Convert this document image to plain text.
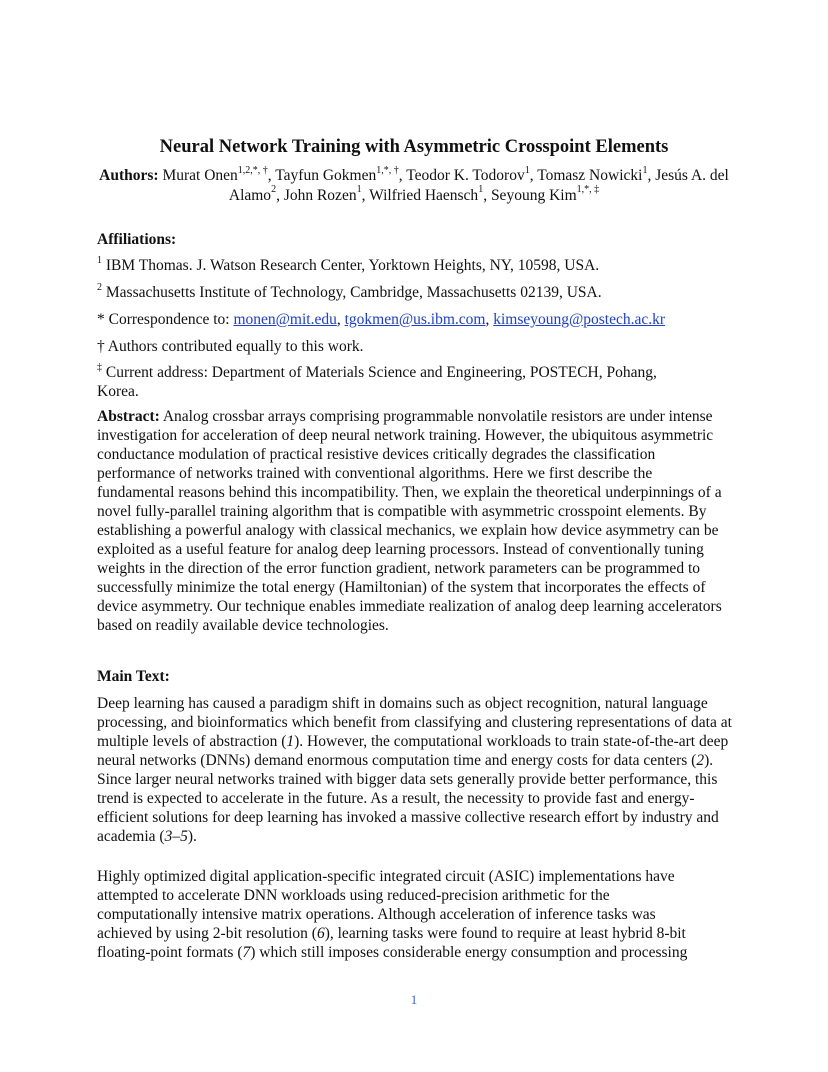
Neural Network Training with Asymmetric Crosspoint Elements
Authors: Murat Onen$^{1,2,*, \dagger}$, Tayfun Gokmen$^{1,*, \dagger}$, Teodor K. Todorov$^1$, Tomasz Nowicki$^1$, Jesús A. del Alamo$^2$, John Rozen$^1$, Wilfried Haensch$^1$, Seyoung Kim$^{1,*, \ddagger}$
Affiliations:
$^1$ IBM Thomas. J. Watson Research Center, Yorktown Heights, NY, 10598, USA.
$^2$ Massachusetts Institute of Technology, Cambridge, Massachusetts 02139, USA.
* Correspondence to: monen@mit.edu, tgokmen@us.ibm.com, kimseyoung@postech.ac.kr
† Authors contributed equally to this work.
‡ Current address: Department of Materials Science and Engineering, POSTECH, Pohang, Korea.
Abstract: Analog crossbar arrays comprising programmable nonvolatile resistors are under intense investigation for acceleration of deep neural network training. However, the ubiquitous asymmetric conductance modulation of practical resistive devices critically degrades the classification performance of networks trained with conventional algorithms. Here we first describe the fundamental reasons behind this incompatibility. Then, we explain the theoretical underpinnings of a novel fully-parallel training algorithm that is compatible with asymmetric crosspoint elements. By establishing a powerful analogy with classical mechanics, we explain how device asymmetry can be exploited as a useful feature for analog deep learning processors. Instead of conventionally tuning weights in the direction of the error function gradient, network parameters can be programmed to successfully minimize the total energy (Hamiltonian) of the system that incorporates the effects of device asymmetry. Our technique enables immediate realization of analog deep learning accelerators based on readily available device technologies.
Main Text:
Deep learning has caused a paradigm shift in domains such as object recognition, natural language processing, and bioinformatics which benefit from classifying and clustering representations of data at multiple levels of abstraction (1). However, the computational workloads to train state-of-the-art deep neural networks (DNNs) demand enormous computation time and energy costs for data centers (2). Since larger neural networks trained with bigger data sets generally provide better performance, this trend is expected to accelerate in the future. As a result, the necessity to provide fast and energy-efficient solutions for deep learning has invoked a massive collective research effort by industry and academia (3–5).
Highly optimized digital application-specific integrated circuit (ASIC) implementations have attempted to accelerate DNN workloads using reduced-precision arithmetic for the computationally intensive matrix operations. Although acceleration of inference tasks was achieved by using 2-bit resolution (6), learning tasks were found to require at least hybrid 8-bit floating-point formats (7) which still imposes considerable energy consumption and processing
1
